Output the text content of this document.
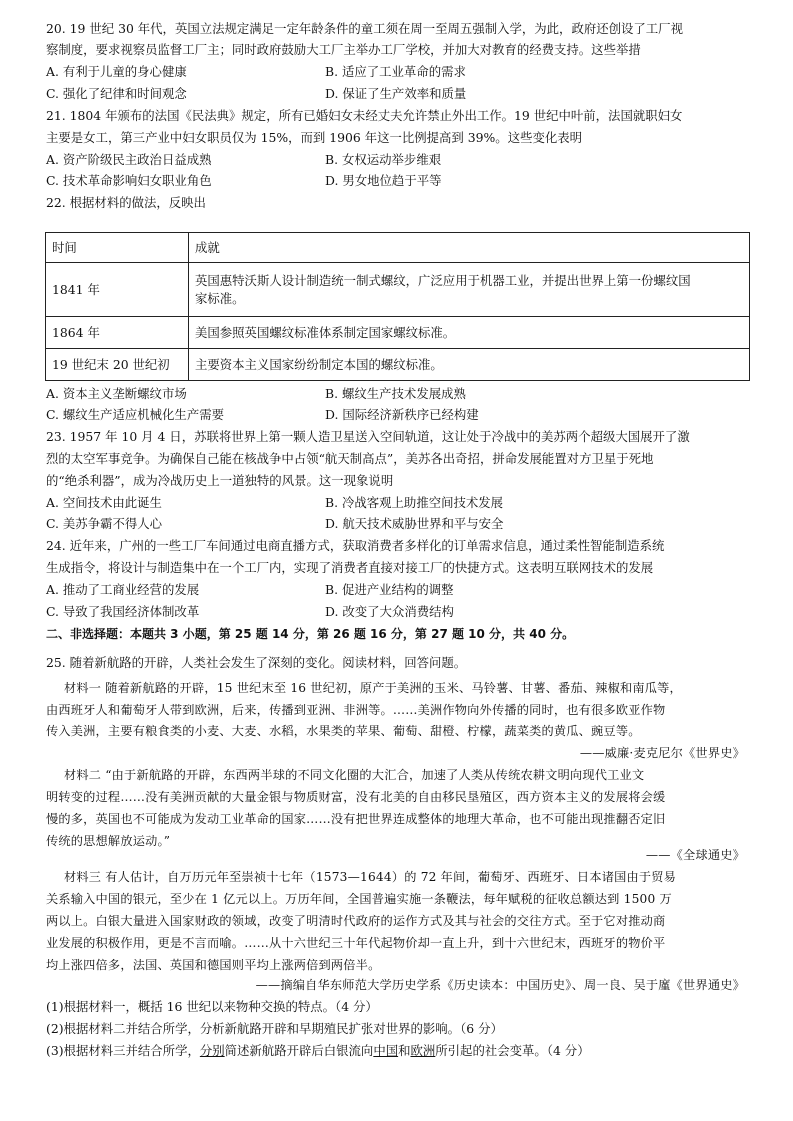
20. 19 世纪 30 年代，英国立法规定满足一定年龄条件的童工须在周一至周五强制入学，为此，政府还创设了工厂视
察制度，要求视察员监督工厂主；同时政府鼓励大工厂主举办工厂学校，并加大对教育的经费支持。这些举措
A. 有利于儿童的身心健康	B. 适应了工业革命的需求
C. 强化了纪律和时间观念	D. 保证了生产效率和质量
21. 1804 年颁布的法国《民法典》规定，所有已婚妇女未经丈夫允许禁止外出工作。19 世纪中叶前，法国就职妇女
主要是女工，第三产业中妇女职员仅为 15%，而到 1906 年这一比例提高到 39%。这些变化表明
A. 资产阶级民主政治日益成熟	B. 女权运动举步维艰
C. 技术革命影响妇女职业角色	D. 男女地位趋于平等
22. 根据材料的做法，反映出
时间	成就
1841 年	英国惠特沃斯人设计制造统一制式螺纹，广泛应用于机器工业，并提出世界上第一份螺纹国
家标准。

1864 年	美国参照英国螺纹标准体系制定国家螺纹标准。
19 世纪末 20 世纪初	主要资本主义国家纷纷制定本国的螺纹标准。
A. 资本主义垄断螺纹市场	B. 螺纹生产技术发展成熟
C. 螺纹生产适应机械化生产需要	D. 国际经济新秩序已经构建
23. 1957 年 10 月 4 日，苏联将世界上第一颗人造卫星送入空间轨道，这让处于冷战中的美苏两个超级大国展开了激
烈的太空军事竞争。为确保自己能在核战争中占领“航天制高点”，美苏各出奇招，拼命发展能置对方卫星于死地
的“绝杀利器”，成为冷战历史上一道独特的风景。这一现象说明
A. 空间技术由此诞生	B. 冷战客观上助推空间技术发展
C. 美苏争霸不得人心	D. 航天技术威胁世界和平与安全
24. 近年来，广州的一些工厂车间通过电商直播方式，获取消费者多样化的订单需求信息，通过柔性智能制造系统
生成指令，将设计与制造集中在一个工厂内，实现了消费者直接对接工厂的快捷方式。这表明互联网技术的发展
A. 推动了工商业经营的发展	B. 促进产业结构的调整
C. 导致了我国经济体制改革	D. 改变了大众消费结构
二、非选择题：本题共 3 小题，第 25 题 14 分，第 26 题 16 分，第 27 题 10 分，共 40 分。
25. 随着新航路的开辟，人类社会发生了深刻的变化。阅读材料，回答问题。
材料一 随着新航路的开辟，15 世纪末至 16 世纪初，原产于美洲的玉米、马铃薯、甘薯、番茄、辣椒和南瓜等，
由西班牙人和葡萄牙人带到欧洲，后来，传播到亚洲、非洲等。……美洲作物向外传播的同时，也有很多欧亚作物
传入美洲，主要有粮食类的小麦、大麦、水稻，水果类的苹果、葡萄、甜橙、柠檬，蔬菜类的黄瓜、豌豆等。
——威廉·麦克尼尔《世界史》
材料二 “由于新航路的开辟，东西两半球的不同文化圈的大汇合，加速了人类从传统农耕文明向现代工业文
明转变的过程……没有美洲贡献的大量金银与物质财富，没有北美的自由移民垦殖区，西方资本主义的发展将会缓
慢的多，英国也不可能成为发动工业革命的国家……没有把世界连成整体的地理大革命，也不可能出现推翻否定旧
传统的思想解放运动。”
——《全球通史》
材料三 有人估计，自万历元年至崇祯十七年（1573—1644）的 72 年间，葡萄牙、西班牙、日本诸国由于贸易
关系输入中国的银元，至少在 1 亿元以上。万历年间，全国普遍实施一条鞭法，每年赋税的征收总额达到 1500 万
两以上。白银大量进入国家财政的领域，改变了明清时代政府的运作方式及其与社会的交往方式。至于它对推动商
业发展的积极作用，更是不言而喻。……从十六世纪三十年代起物价却一直上升，到十六世纪末，西班牙的物价平
均上涨四倍多，法国、英国和德国则平均上涨两倍到两倍半。
——摘编自华东师范大学历史学系《历史读本：中国历史》、周一良、吴于廑《世界通史》
(1)根据材料一，概括 16 世纪以来物种交换的特点。（4 分）
(2)根据材料二并结合所学，分析新航路开辟和早期殖民扩张对世界的影响。（6 分）
(3)根据材料三并结合所学，分别简述新航路开辟后白银流向中国和欧洲所引起的社会变革。（4 分）
